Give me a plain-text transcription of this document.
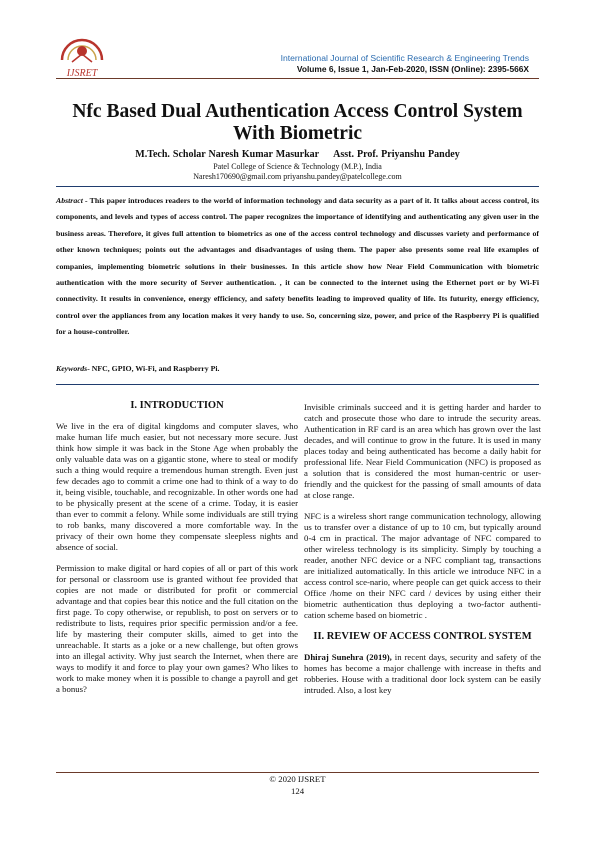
IJSRET
International Journal of Scientific Research & Engineering Trends
Volume 6, Issue 1, Jan-Feb-2020, ISSN (Online): 2395-566X
Nfc Based Dual Authentication Access Control System
With Biometric
M.Tech. Scholar Naresh Kumar Masurkar Asst. Prof. Priyanshu Pandey
Patel College of Science & Technology (M.P.), India
Naresh170690@gmail.com priyanshu.pandey@patelcollege.com
Abstract - This paper introduces readers to the world of information technology and data security as a part of it. It talks about access control, its components, and levels and types of access control. The paper recognizes the importance of identifying and authenticating any given user in the business areas. Therefore, it gives full attention to biometrics as one of the access control technology and discusses variety and performance of other known techniques; points out the advantages and disadvantages of using them. The paper also presents some real life examples of companies, implementing biometric solutions in their businesses. In this article show how Near Field Communication with biometric authentication with the more security of Server authentication. , it can be connected to the internet using the Ethernet port or by Wi-Fi connectivity. It results in convenience, energy efficiency, and safety benefits leading to improved quality of life. Its futurity, energy efficiency, control over the appliances from any location makes it very handy to use. So, concerning size, power, and price of the Raspberry Pi is qualified for a house-controller.
Keywords- NFC, GPIO, Wi-Fi, and Raspberry Pi.
I. INTRODUCTION

We live in the era of digital kingdoms and computer slaves, who make human life much easier, but not necessary more secure. Just think how simple it was back in the Stone Age when probably the only valuable data was on a gigantic stone, where to steal or modify such a thing would require a tremendous human strength. Even just few decades ago to commit a crime one had to think of a way to do it, being visible, touchable, and recognizable. In other words one had to be physically present at the scene of a crime. Today, it is easier than ever to commit a felony. While some individuals are still trying to rob banks, many discovered a more comfortable way. In the privacy of their own home they compensate sleepless nights and absence of social.

Permission to make digital or hard copies of all or part of this work for personal or classroom use is granted without fee provided that copies are not made or distributed for profit or commercial advantage and that copies bear this notice and the full citation on the first page. To copy otherwise, or republish, to post on servers or to redistribute to lists, requires prior specific permission and/or a fee. life by mastering their computer skills, aimed to get into the unreachable. It starts as a joke or a new challenge, but often grows into an illegal activity. Why just search the Internet, when there are ways to modify it and force to play your own games? Who likes to work to make money when it is possible to change a payroll and get a bonus?

Invisible criminals succeed and it is getting harder and harder to catch and prosecute those who dare to intrude the security areas. Authentication in RF card is an area which has grown over the last decades, and will continue to grow in the future. It is used in many places today and being authenticated has become a daily habit for professional life. Near Field Communication (NFC) is proposed as a solution that is considered the most human-centric or user-friendly and the quickest for the passing of small amounts of data at close range.

NFC is a wireless short range communication technology, allowing us to transfer over a distance of up to 10 cm, but typically around 0-4 cm in practical. The major advantage of NFC compared to other wireless technology is its simplicity. Simply by touching a reader, another NFC device or a NFC compliant tag, transactions are initialized automatically. In this article we introduce NFC in a access control sce-nario, where people can get quick access to their Office /home on their NFC card / devices by using either their biometric authentication thus deploying a two-factor authenti-cation scheme based on biometric .

II. REVIEW OF ACCESS CONTROL SYSTEM

Dhiraj Sunehra (2019), in recent days, security and safety of the homes has become a major challenge with increase in thefts and robberies. House with a traditional door lock system can be easily intruded. Also, a lost key

© 2020 IJSRET
124
